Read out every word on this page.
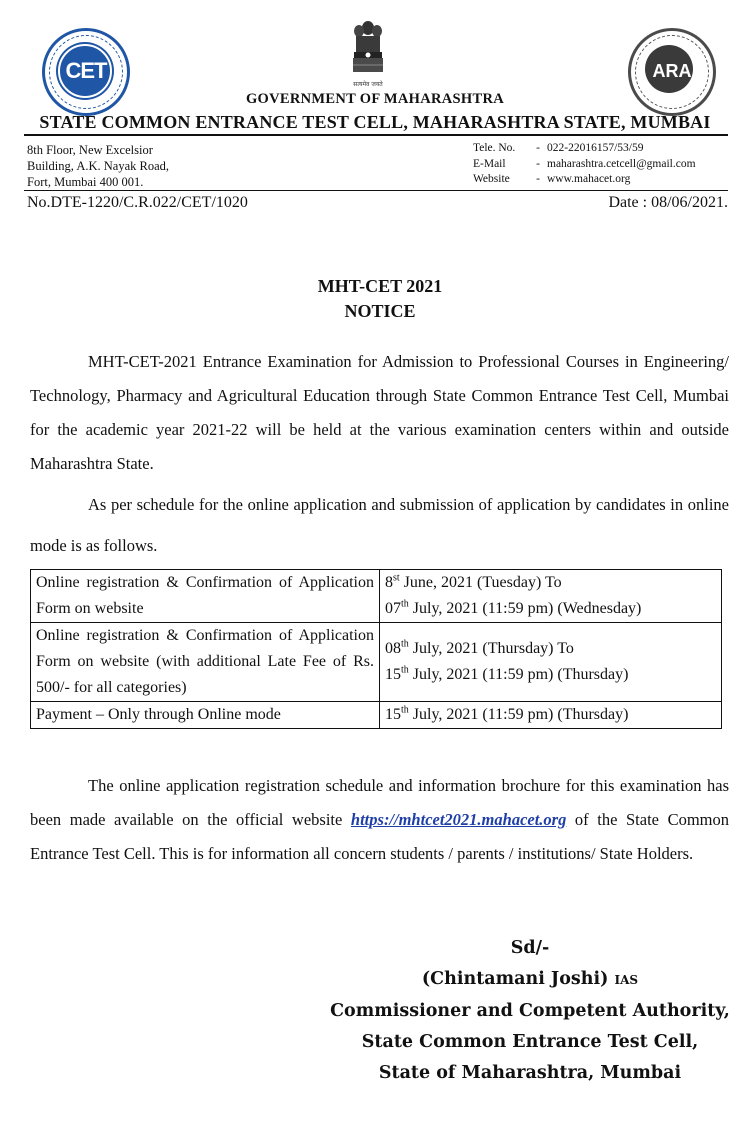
CET
सत्यमेव जयते
ARA
GOVERNMENT OF MAHARASHTRA
STATE COMMON ENTRANCE TEST CELL, MAHARASHTRA STATE, MUMBAI
8th Floor, New Excelsior
Building, A.K. Nayak Road,
Fort, Mumbai 400 001.
Tele. No.	- 022-22016157/53/59
E-Mail	- maharashtra.cetcell@gmail.com
Website	- www.mahacet.org
No.DTE-1220/C.R.022/CET/1020	Date : 08/06/2021.
MHT-CET 2021
NOTICE

MHT-CET-2021 Entrance Examination for Admission to Professional Courses in Engineering/ Technology, Pharmacy and Agricultural Education through State Common Entrance Test Cell, Mumbai for the academic year 2021-22 will be held at the various examination centers within and outside Maharashtra State.

As per schedule for the online application and submission of application by candidates in online mode is as follows.

Online registration & Confirmation of Application Form on website	8st June, 2021 (Tuesday) To
07th July, 2021 (11:59 pm) (Wednesday)

Online registration & Confirmation of Application Form on website (with additional Late Fee of Rs. 500/- for all categories)	08th July, 2021 (Thursday) To
15th July, 2021 (11:59 pm) (Thursday)

Payment – Only through Online mode	15th July, 2021 (11:59 pm) (Thursday)

The online application registration schedule and information brochure for this examination has been made available on the official website https://mhtcet2021.mahacet.org of the State Common Entrance Test Cell. This is for information all concern students / parents / institutions/ State Holders.

Sd/-
(Chintamani Joshi) IAS
Commissioner and Competent Authority,
State Common Entrance Test Cell,
State of Maharashtra, Mumbai
